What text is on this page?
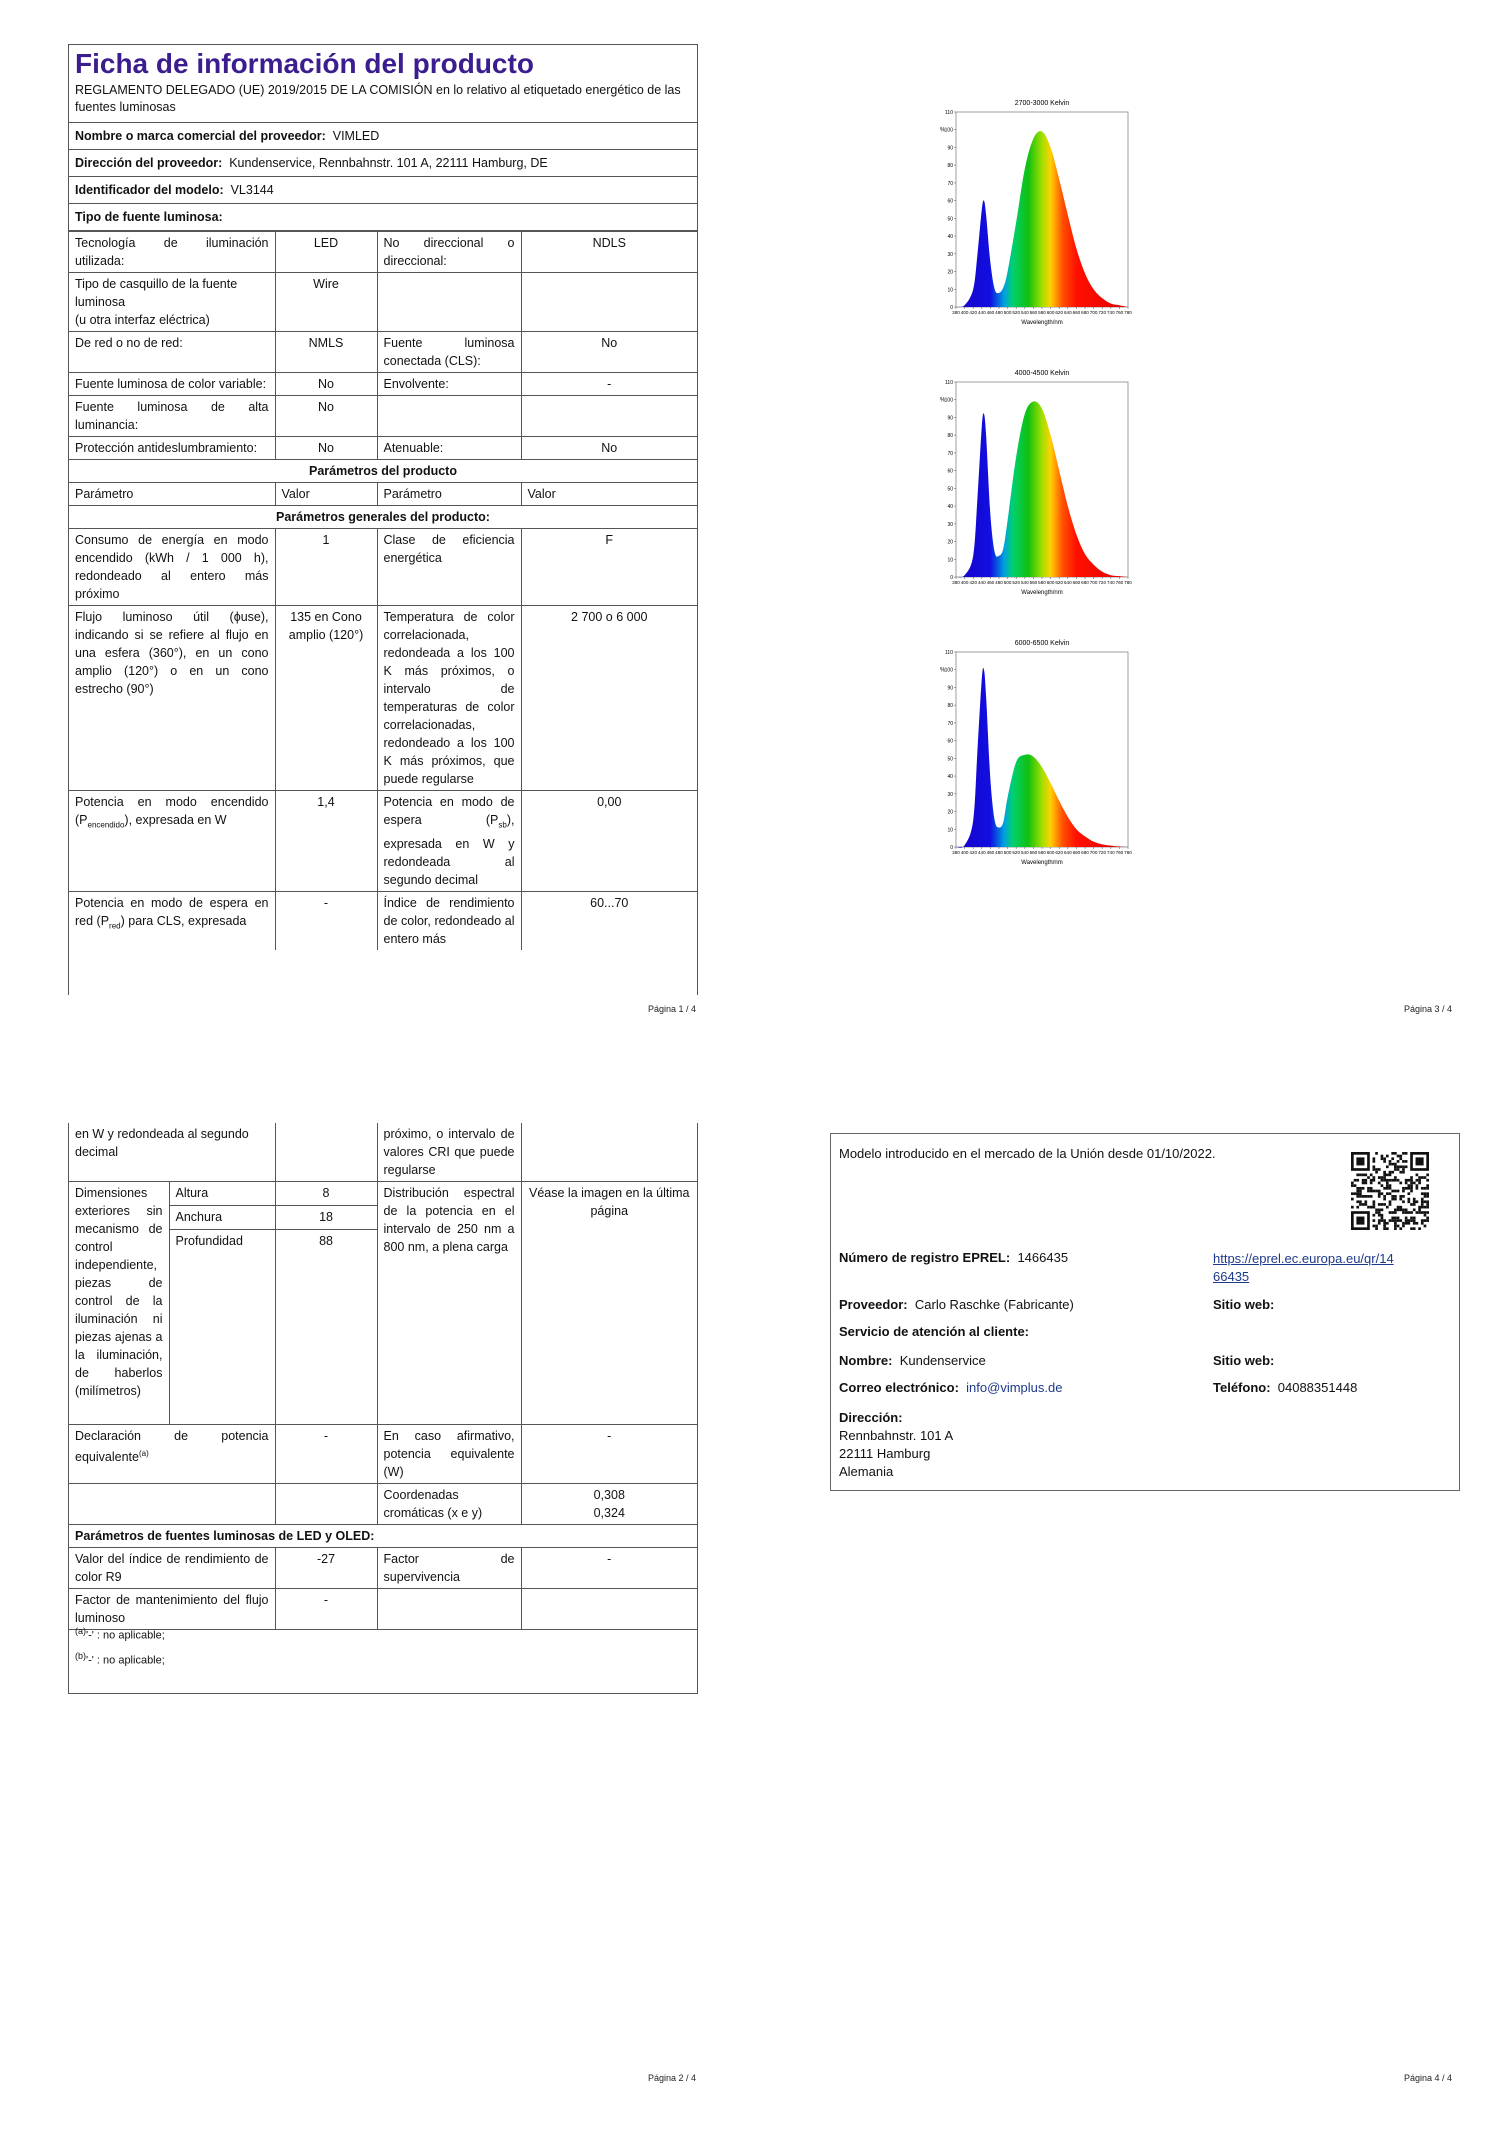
Ficha de información del producto
REGLAMENTO DELEGADO (UE) 2019/2015 DE LA COMISIÓN en lo relativo al etiquetado energético de las fuentes luminosas
Nombre o marca comercial del proveedor: VIMLED
Dirección del proveedor: Kundenservice, Rennbahnstr. 101 A, 22111 Hamburg, DE
Identificador del modelo: VL3144
Tipo de fuente luminosa:
Tecnología de iluminación utilizada:	LED	No direccional o direccional:	NDLS

Tipo de casquillo de la fuente luminosa
(u otra interfaz eléctrica)	Wire		
De red o no de red:	NMLS	Fuente luminosa conectada (CLS):	No
Fuente luminosa de color variable:	No	Envolvente:	-
Fuente luminosa de alta luminancia:	No		
Protección antideslumbramiento:	No	Atenuable:	No
Parámetros del producto			
Parámetro	Valor	Parámetro	Valor
Parámetros generales del producto:			
Consumo de energía en modo encendido (kWh / 1 000 h), redondeado al entero más próximo	1	Clase de eficiencia energética	F
Flujo luminoso útil (ϕuse), indicando si se refiere al flujo en una esfera (360°), en un cono amplio (120°) o en un cono estrecho (90°)	135 en Cono amplio (120°)	Temperatura de color correlacionada, redondeada a los 100 K más próximos, o intervalo de temperaturas de color correlacionadas, redondeado a los 100 K más próximos, que puede regularse	2 700 o 6 000
Potencia en modo encendido $(P_{encendido})$, expresada en W	1,4	Potencia en modo de espera $(P_{sb})$, expresada en W y redondeada al segundo decimal	0,00
Potencia en modo de espera en red $(P_{red})$ para CLS, expresada	-	Índice de rendimiento de color, redondeado al entero más	60...70
Página 1 / 4
2700-3000 Kelvin
0
10
20
30
40
50
60
70
80
90
100
110
%
380 400 420 440 460 480 500 520 540 560 580 600 620 640 660 680 700 720 740 760 780
Wavelength/nm
4000-4500 Kelvin
0
10
20
30
40
50
60
70
80
90
100
110
%
380 400 420 440 460 480 500 520 540 560 580 600 620 640 660 680 700 720 740 760 780
Wavelength/nm
6000-6500 Kelvin
0
10
20
30
40
50
60
70
80
90
100
110
%
380 400 420 440 460 480 500 520 540 560 580 600 620 640 660 680 700 720 740 760 780
Wavelength/nm
Página 3 / 4
en W y redondeada al segundo decimal			próximo, o intervalo de valores CRI que puede regularse	
Dimensiones exteriores sin mecanismo de control independiente, piezas de control de la iluminación ni piezas ajenas a la iluminación, de haberlos (milímetros)	Altura	8	Distribución espectral de la potencia en el intervalo de 250 nm a 800 nm, a plena carga	Véase la imagen en la última página
	Anchura	18		
	Profundidad	88		
Declaración de potencia equivalente$^{(a)}$		-	En caso afirmativo, potencia equivalente (W)	-
			Coordenadas cromáticas (x e y)	0,308
0,324

Parámetros de fuentes luminosas de LED y OLED:				
Valor del índice de rendimiento de color R9		-27	Factor de supervivencia	-
Factor de mantenimiento del flujo luminoso		-		
$^{(a)}$'-' : no aplicable;
$^{(b)}$'-' : no aplicable;
Página 2 / 4
Modelo introducido en el mercado de la Unión desde 01/10/2022.
Número de registro EPREL: 1466435	https://eprel.ec.europa.eu/qr/14
66435
Proveedor: Carlo Raschke (Fabricante)	Sitio web:
Servicio de atención al cliente:
Nombre: Kundenservice	Sitio web:
Correo electrónico: info@vimplus.de	Teléfono: 04088351448
Dirección:
Rennbahnstr. 101 A
22111 Hamburg
Alemania
Página 4 / 4
